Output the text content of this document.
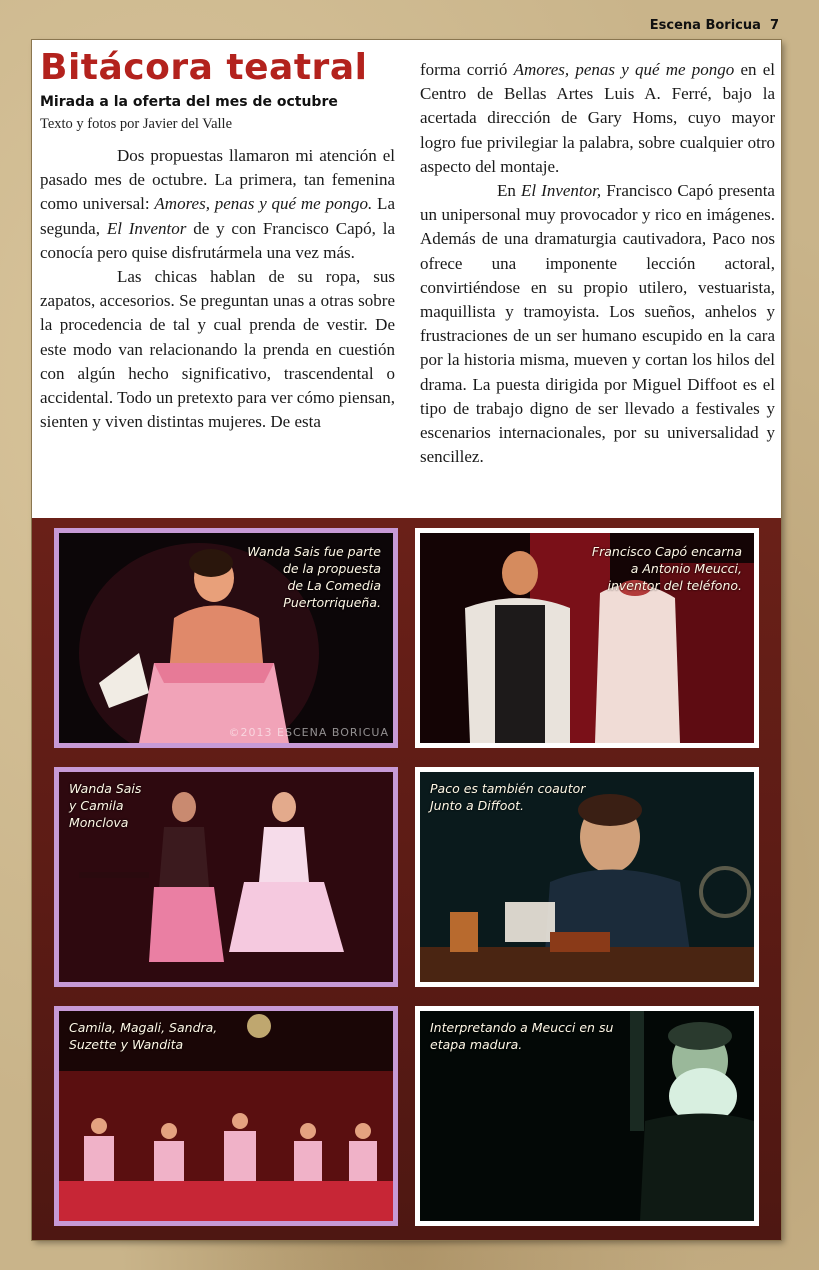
Escena Boricua 7
Bitácora teatral
Mirada a la oferta del mes de octubre
Texto y fotos por Javier del Valle

Dos propuestas llamaron mi atención el pasado mes de octubre. La primera, tan femenina como universal: Amores, penas y qué me pongo. La segunda, El Inventor de y con Francisco Capó, la conocía pero quise disfrutármela una vez más.

Las chicas hablan de su ropa, sus zapatos, accesorios. Se preguntan unas a otras sobre la procedencia de tal y cual prenda de vestir. De este modo van relacionando la prenda en cuestión con algún hecho significativo, trascendental o accidental. Todo un pretexto para ver cómo piensan, sienten y viven distintas mujeres. De esta

forma corrió Amores, penas y qué me pongo en el Centro de Bellas Artes Luis A. Ferré, bajo la acertada dirección de Gary Homs, cuyo mayor logro fue privilegiar la palabra, sobre cualquier otro aspecto del montaje.

En El Inventor, Francisco Capó presenta un unipersonal muy provocador y rico en imágenes. Además de una dramaturgia cautivadora, Paco nos ofrece una imponente lección actoral, convirtiéndose en su propio utilero, vestuarista, maquillista y tramoyista. Los sueños, anhelos y frustraciones de un ser humano escupido en la cara por la historia misma, mueven y cortan los hilos del drama. La puesta dirigida por Miguel Diffoot es el tipo de trabajo digno de ser llevado a festivales y escenarios internacionales, por su universalidad y sencillez.

Wanda Sais fue parte
de la propuesta
de La Comedia
Puertorriqueña.
©2013 ESCENA BORICUA
Francisco Capó encarna
a Antonio Meucci,
inventor del teléfono.
Wanda Sais
y Camila
Monclova
Paco es también coautor
Junto a Diffoot.
Camila, Magali, Sandra,
Suzette y Wandita
Interpretando a Meucci en su
etapa madura.
